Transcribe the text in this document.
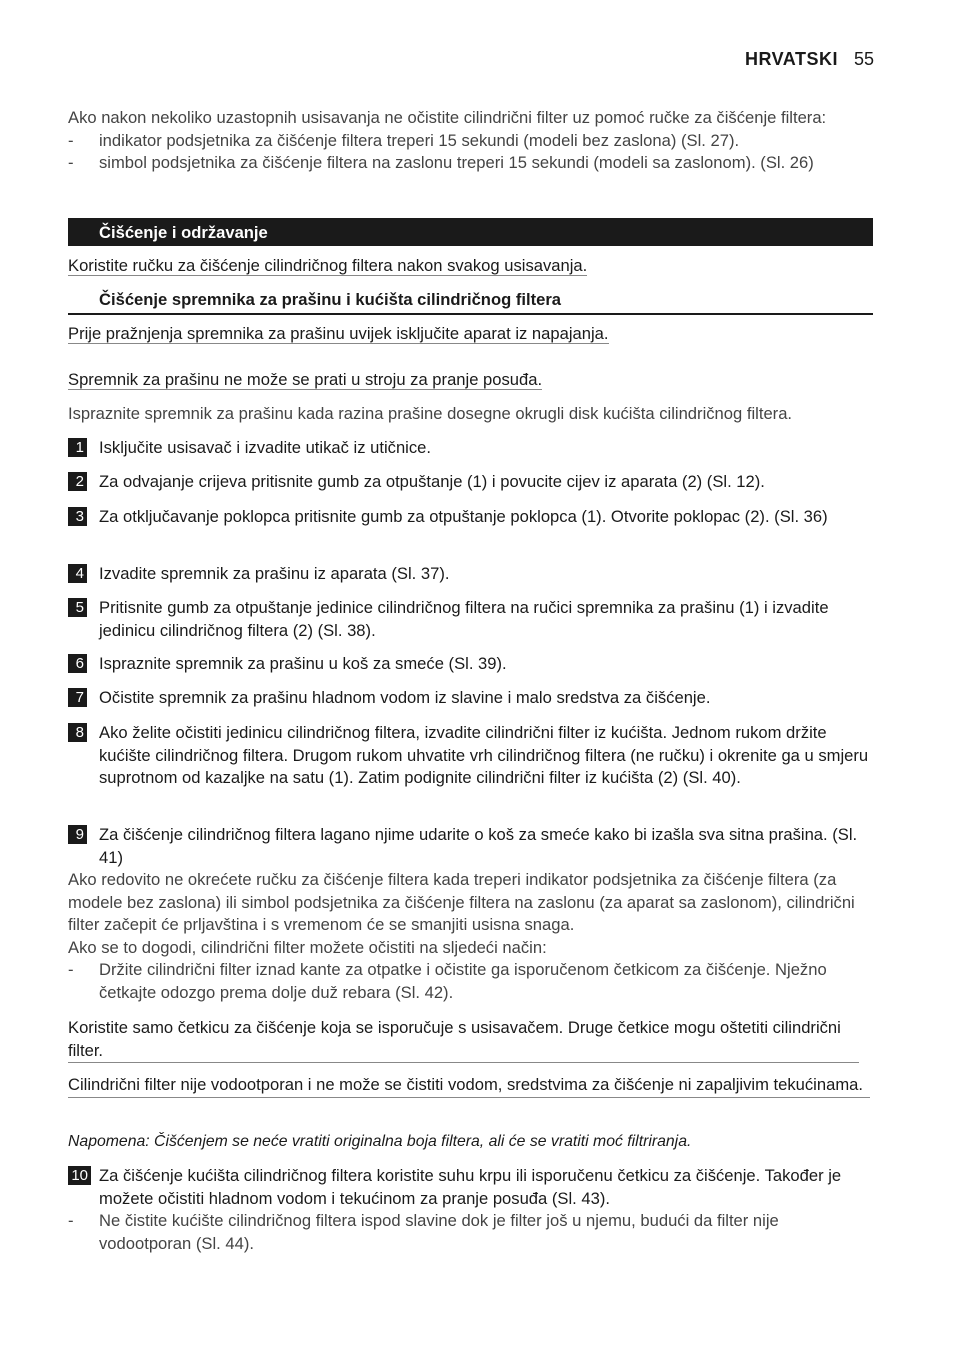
HRVATSKI 55
Ako nakon nekoliko uzastopnih usisavanja ne očistite cilindrični filter uz pomoć ručke za čišćenje filtera:
- indikator podsjetnika za čišćenje filtera treperi 15 sekundi (modeli bez zaslona) (Sl. 27).
- simbol podsjetnika za čišćenje filtera na zaslonu treperi 15 sekundi (modeli sa zaslonom). (Sl. 26)
Čišćenje i održavanje
Koristite ručku za čišćenje cilindričnog filtera nakon svakog usisavanja.
Čišćenje spremnika za prašinu i kućišta cilindričnog filtera
Prije pražnjenja spremnika za prašinu uvijek isključite aparat iz napajanja.
Spremnik za prašinu ne može se prati u stroju za pranje posuđa.
Ispraznite spremnik za prašinu kada razina prašine dosegne okrugli disk kućišta cilindričnog filtera.
1 Isključite usisavač i izvadite utikač iz utičnice.
2 Za odvajanje crijeva pritisnite gumb za otpuštanje (1) i povucite cijev iz aparata (2) (Sl. 12).
3 Za otključavanje poklopca pritisnite gumb za otpuštanje poklopca (1). Otvorite poklopac (2). (Sl. 36)
4 Izvadite spremnik za prašinu iz aparata (Sl. 37).
5 Pritisnite gumb za otpuštanje jedinice cilindričnog filtera na ručici spremnika za prašinu (1) i izvadite jedinicu cilindričnog filtera (2) (Sl. 38).
6 Ispraznite spremnik za prašinu u koš za smeće (Sl. 39).
7 Očistite spremnik za prašinu hladnom vodom iz slavine i malo sredstva za čišćenje.
8 Ako želite očistiti jedinicu cilindričnog filtera, izvadite cilindrični filter iz kućišta. Jednom rukom držite kućište cilindričnog filtera. Drugom rukom uhvatite vrh cilindričnog filtera (ne ručku) i okrenite ga u smjeru suprotnom od kazaljke na satu (1). Zatim podignite cilindrični filter iz kućišta (2) (Sl. 40).
9 Za čišćenje cilindričnog filtera lagano njime udarite o koš za smeće kako bi izašla sva sitna prašina. (Sl. 41)
Ako redovito ne okrećete ručku za čišćenje filtera kada treperi indikator podsjetnika za čišćenje filtera (za modele bez zaslona) ili simbol podsjetnika za čišćenje filtera na zaslonu (za aparat sa zaslonom), cilindrični filter začepit će prljavština i s vremenom će se smanjiti usisna snaga.
Ako se to dogodi, cilindrični filter možete očistiti na sljedeći način:
- Držite cilindrični filter iznad kante za otpatke i očistite ga isporučenom četkicom za čišćenje. Nježno četkajte odozgo prema dolje duž rebara (Sl. 42).
Koristite samo četkicu za čišćenje koja se isporučuje s usisavačem. Druge četkice mogu oštetiti cilindrični filter.
Cilindrični filter nije vodootporan i ne može se čistiti vodom, sredstvima za čišćenje ni zapaljivim tekućinama.
Napomena: Čišćenjem se neće vratiti originalna boja filtera, ali će se vratiti moć filtriranja.
10 Za čišćenje kućišta cilindričnog filtera koristite suhu krpu ili isporučenu četkicu za čišćenje. Također je možete očistiti hladnom vodom i tekućinom za pranje posuđa (Sl. 43).
- Ne čistite kućište cilindričnog filtera ispod slavine dok je filter još u njemu, budući da filter nije vodootporan (Sl. 44).
